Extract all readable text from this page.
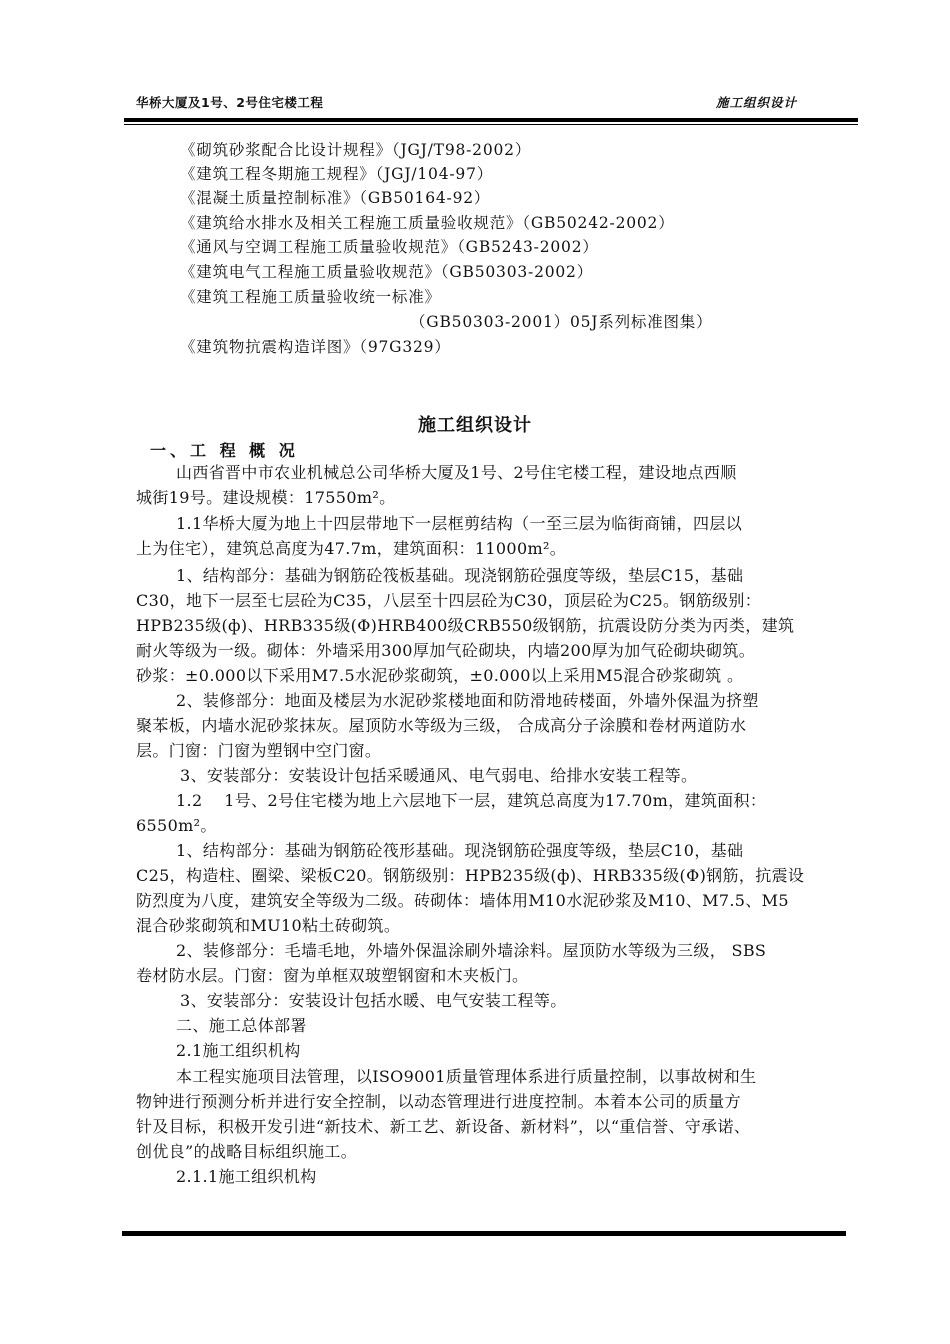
华桥大厦及1号、2号住宅楼工程	施工组织设计
《砌筑砂浆配合比设计规程》（JGJ/T98-2002）
《建筑工程冬期施工规程》（JGJ/104-97）
《混凝土质量控制标准》（GB50164-92）
《建筑给水排水及相关工程施工质量验收规范》（GB50242-2002）
《通风与空调工程施工质量验收规范》（GB5243-2002）
《建筑电气工程施工质量验收规范》（GB50303-2002）
《建筑工程施工质量验收统一标准》
（GB50303-2001）05J系列标准图集）
《建筑物抗震构造详图》（97G329）
施工组织设计
一、工 程 概 况
山西省晋中市农业机械总公司华桥大厦及1号、2号住宅楼工程，建设地点西顺
城街19号。建设规模：17550m²。
1.1华桥大厦为地上十四层带地下一层框剪结构（一至三层为临街商铺，四层以
上为住宅），建筑总高度为47.7m，建筑面积：11000m²。
1、结构部分：基础为钢筋砼筏板基础。现浇钢筋砼强度等级，垫层C15，基础
C30，地下一层至七层砼为C35，八层至十四层砼为C30，顶层砼为C25。钢筋级别：
HPB235级(ф)、HRB335级(Φ)HRB400级CRB550级钢筋，抗震设防分类为丙类，建筑
耐火等级为一级。砌体：外墙采用300厚加气砼砌块，内墙200厚为加气砼砌块砌筑。
砂浆：±0.000以下采用M7.5水泥砂浆砌筑，±0.000以上采用M5混合砂浆砌筑 。
2、装修部分：地面及楼层为水泥砂浆楼地面和防滑地砖楼面，外墙外保温为挤塑
聚苯板，内墙水泥砂浆抹灰。屋顶防水等级为三级， 合成高分子涂膜和卷材两道防水
层。门窗：门窗为塑钢中空门窗。
3、安装部分：安装设计包括采暖通风、电气弱电、给排水安装工程等。
1.2　 1号、2号住宅楼为地上六层地下一层，建筑总高度为17.70m，建筑面积：
6550m²。
1、结构部分：基础为钢筋砼筏形基础。现浇钢筋砼强度等级，垫层C10，基础
C25，构造柱、圈梁、梁板C20。钢筋级别：HPB235级(ф)、HRB335级(Φ)钢筋，抗震设
防烈度为八度，建筑安全等级为二级。砖砌体：墙体用M10水泥砂浆及M10、M7.5、M5
混合砂浆砌筑和MU10粘土砖砌筑。
2、装修部分：毛墙毛地，外墙外保温涂刷外墙涂料。屋顶防水等级为三级， SBS
卷材防水层。门窗：窗为单框双玻塑钢窗和木夹板门。
3、安装部分：安装设计包括水暖、电气安装工程等。
二、施工总体部署
2.1施工组织机构
本工程实施项目法管理，以ISO9001质量管理体系进行质量控制，以事故树和生
物钟进行预测分析并进行安全控制，以动态管理进行进度控制。本着本公司的质量方
针及目标，积极开发引进“新技术、新工艺、新设备、新材料”，以“重信誉、守承诺、
创优良”的战略目标组织施工。
2.1.1施工组织机构
